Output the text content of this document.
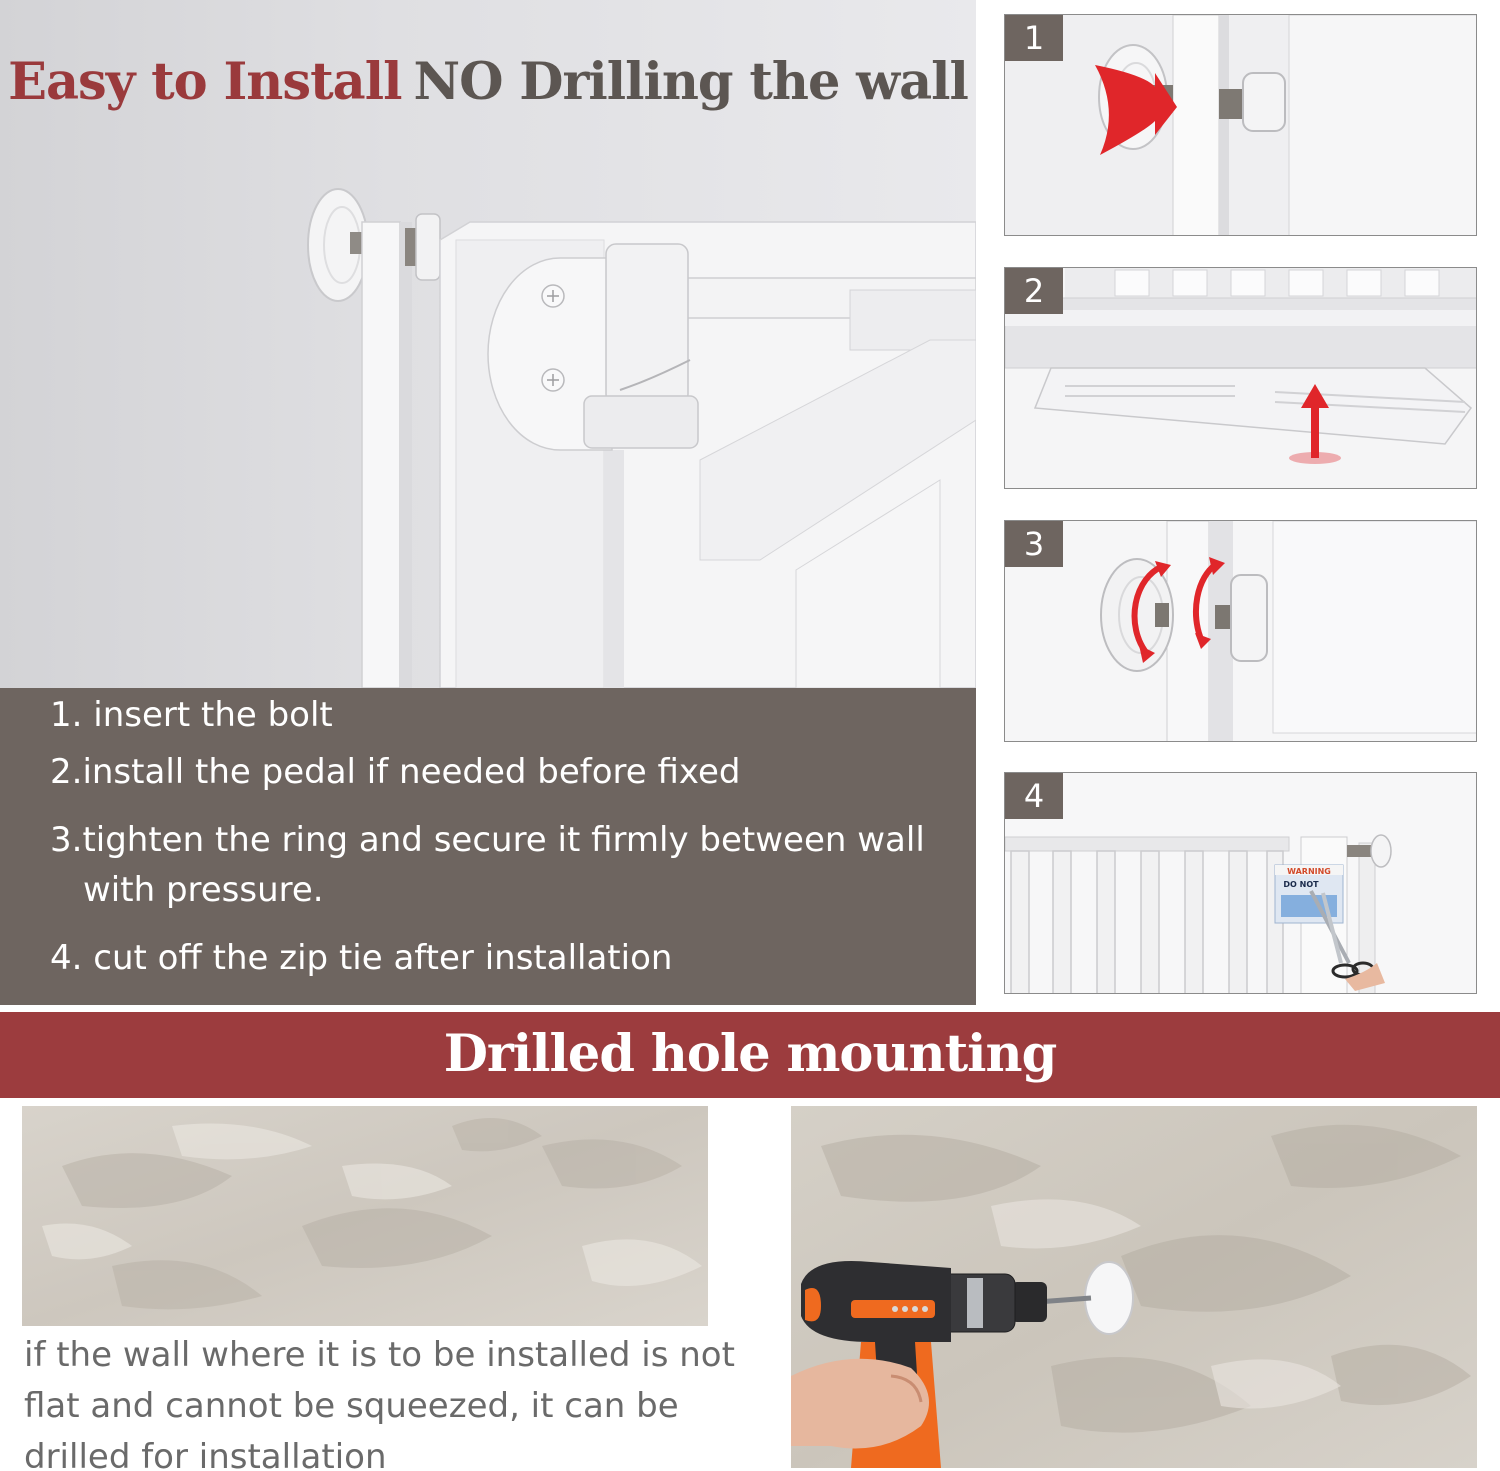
Easy to Install NO Drilling the wall
1. insert the bolt
2.install the pedal if needed before fixed
3.tighten the ring and secure it firmly between wall
with pressure.
4. cut off the zip tie after installation
1
2
3
WARNING
DO NOT
4
Drilled hole mounting
if the wall where it is to be installed is not
flat and cannot be squeezed, it can be
drilled for installation
